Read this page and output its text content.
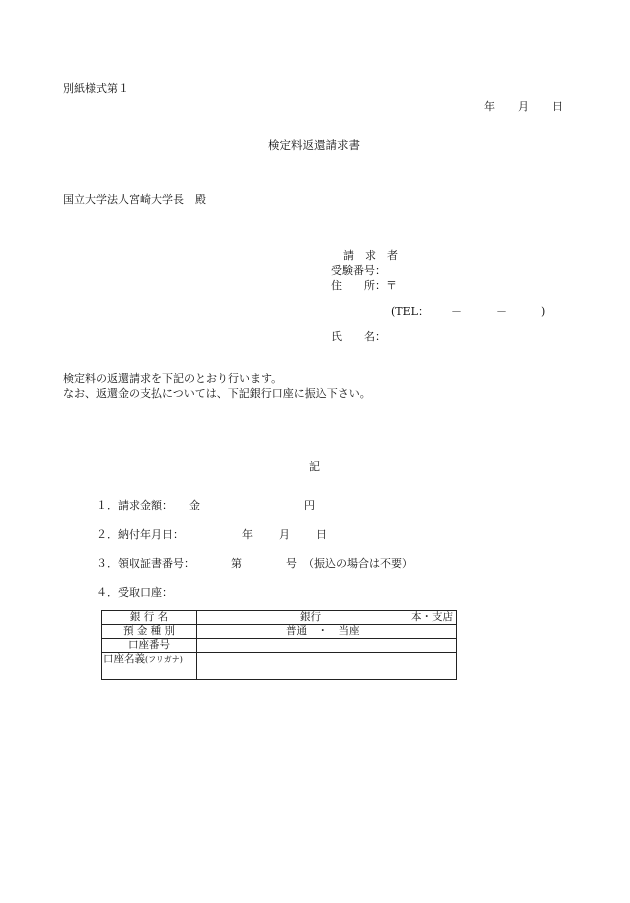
別紙様式第１
年 月 日
検定料返還請求書
国立大学法人宮崎大学長　殿
請　求　者
受験番号：
住　　所：〒
(TEL： －	－	)
氏　　名：
検定料の返還請求を下記のとおり行います。
なお、返還金の支払については、下記銀行口座に振込下さい。
記
１．請求金額： 金	円
２．納付年月日：	年 月 日
３．領収証書番号：	第	号 （振込の場合は不要）
４．受取口座：
銀 行 名	銀行 本・支店

預 金 種 別	普通　・　当座
口座番号	
口座名義(フリガナ)	
